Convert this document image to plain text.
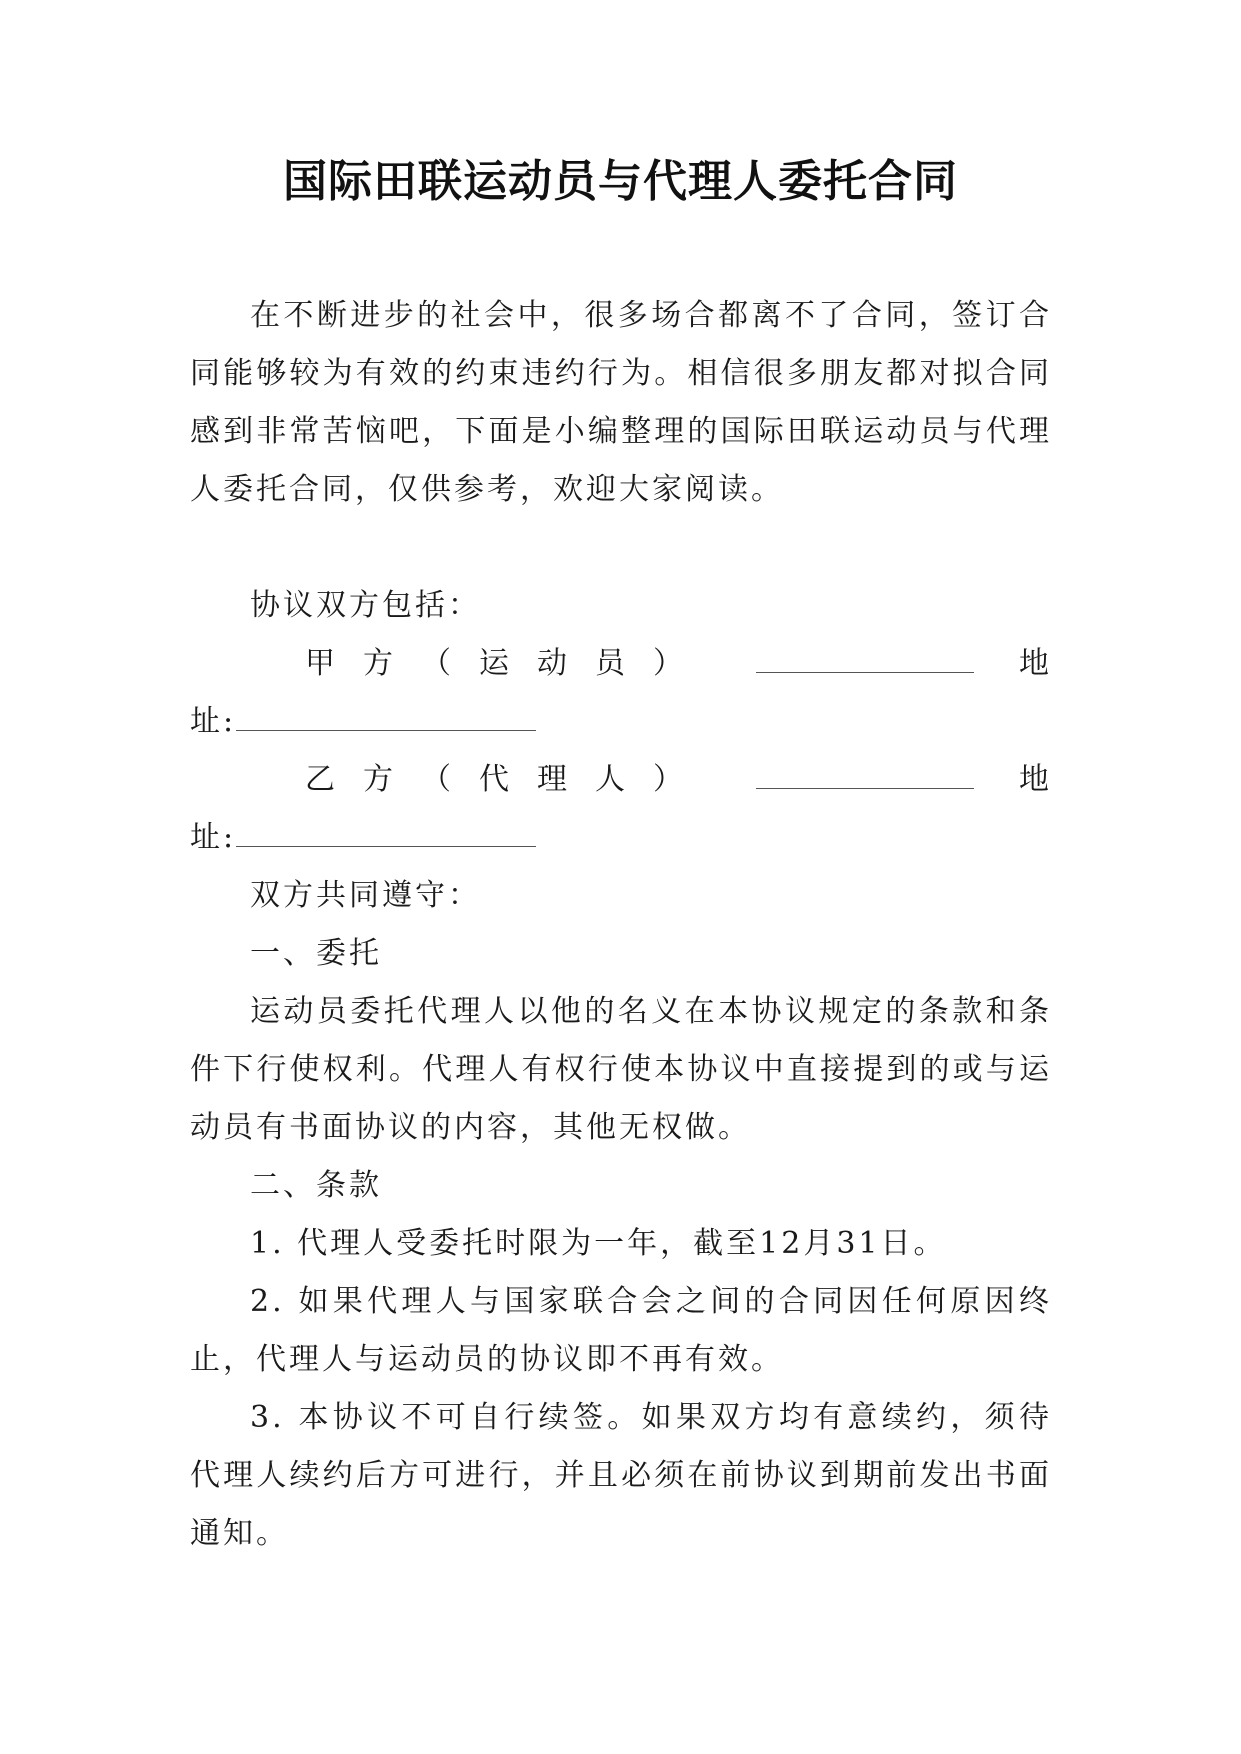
国际田联运动员与代理人委托合同

在不断进步的社会中，很多场合都离不了合同，签订合同能够较为有效的约束违约行为。相信很多朋友都对拟合同感到非常苦恼吧，下面是小编整理的国际田联运动员与代理人委托合同，仅供参考，欢迎大家阅读。

协议双方包括：

甲方（运动员）	地
址:
乙方（代理人）	地
址:

双方共同遵守：

一、委托

运动员委托代理人以他的名义在本协议规定的条款和条件下行使权利。代理人有权行使本协议中直接提到的或与运动员有书面协议的内容，其他无权做。

二、条款

1. 代理人受委托时限为一年，截至12月31日。

2. 如果代理人与国家联合会之间的合同因任何原因终止，代理人与运动员的协议即不再有效。

3. 本协议不可自行续签。如果双方均有意续约，须待代理人续约后方可进行，并且必须在前协议到期前发出书面通知。
